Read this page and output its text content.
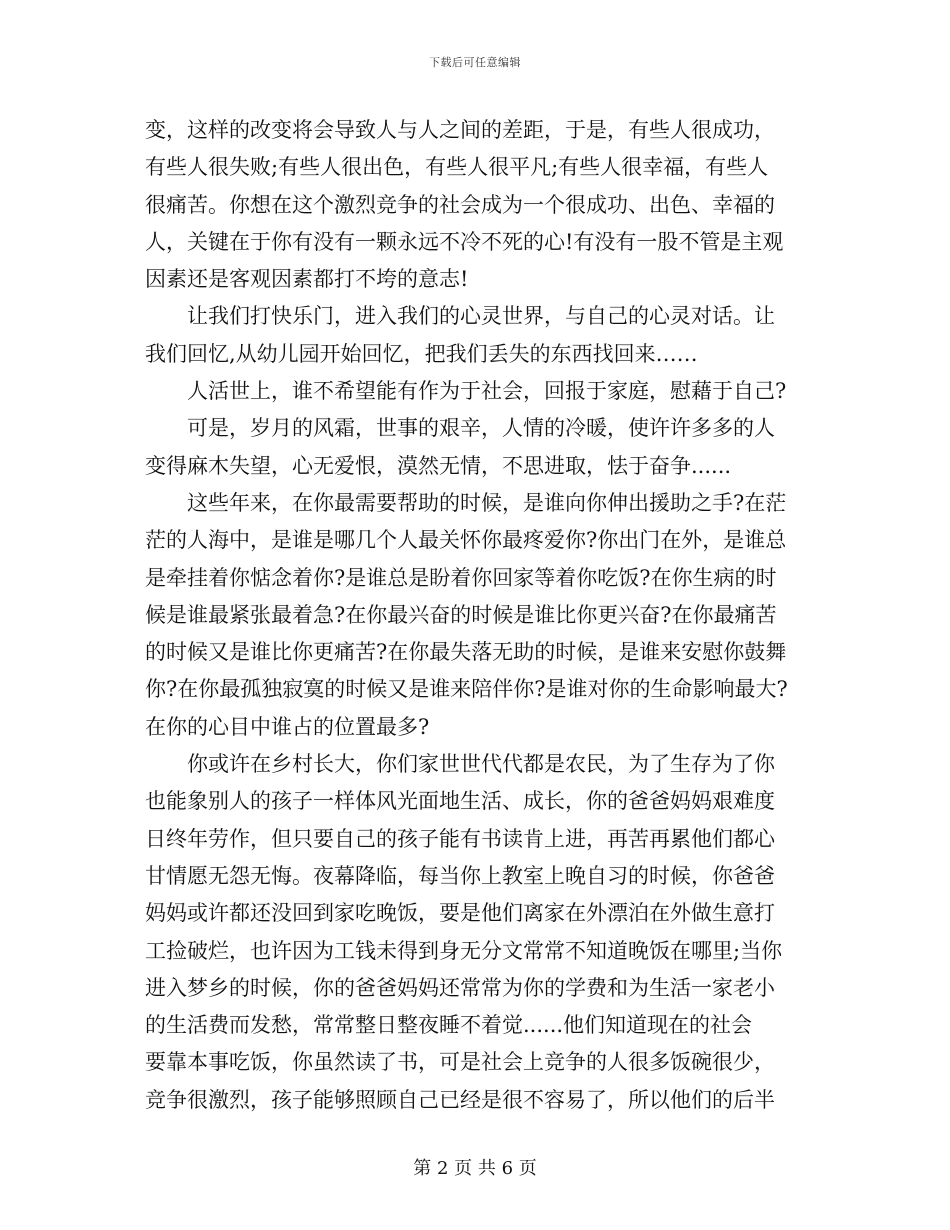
下载后可任意编辑
变，这样的改变将会导致人与人之间的差距，于是，有些人很成功，
有些人很失败;有些人很出色，有些人很平凡;有些人很幸福，有些人
很痛苦。你想在这个激烈竞争的社会成为一个很成功、出色、幸福的
人，关键在于你有没有一颗永远不冷不死的心!有没有一股不管是主观
因素还是客观因素都打不垮的意志!
让我们打快乐门，进入我们的心灵世界，与自己的心灵对话。让
我们回忆,从幼儿园开始回忆，把我们丢失的东西找回来……
人活世上，谁不希望能有作为于社会，回报于家庭，慰藉于自己?
可是，岁月的风霜，世事的艰辛，人情的冷暖，使许许多多的人
变得麻木失望，心无爱恨，漠然无情，不思进取，怯于奋争......
这些年来，在你最需要帮助的时候，是谁向你伸出援助之手?在茫
茫的人海中，是谁是哪几个人最关怀你最疼爱你?你出门在外，是谁总
是牵挂着你惦念着你?是谁总是盼着你回家等着你吃饭?在你生病的时
候是谁最紧张最着急?在你最兴奋的时候是谁比你更兴奋?在你最痛苦
的时候又是谁比你更痛苦?在你最失落无助的时候，是谁来安慰你鼓舞
你?在你最孤独寂寞的时候又是谁来陪伴你?是谁对你的生命影响最大?
在你的心目中谁占的位置最多?
你或许在乡村长大，你们家世世代代都是农民，为了生存为了你
也能象别人的孩子一样体风光面地生活、成长，你的爸爸妈妈艰难度
日终年劳作，但只要自己的孩子能有书读肯上进，再苦再累他们都心
甘情愿无怨无悔。夜幕降临，每当你上教室上晚自习的时候，你爸爸
妈妈或许都还没回到家吃晚饭，要是他们离家在外漂泊在外做生意打
工捡破烂，也许因为工钱未得到身无分文常常不知道晚饭在哪里;当你
进入梦乡的时候，你的爸爸妈妈还常常为你的学费和为生活一家老小
的生活费而发愁，常常整日整夜睡不着觉......他们知道现在的社会
要靠本事吃饭，你虽然读了书，可是社会上竞争的人很多饭碗很少，
竞争很激烈，孩子能够照顾自己已经是很不容易了，所以他们的后半
第 2 页 共 6 页
